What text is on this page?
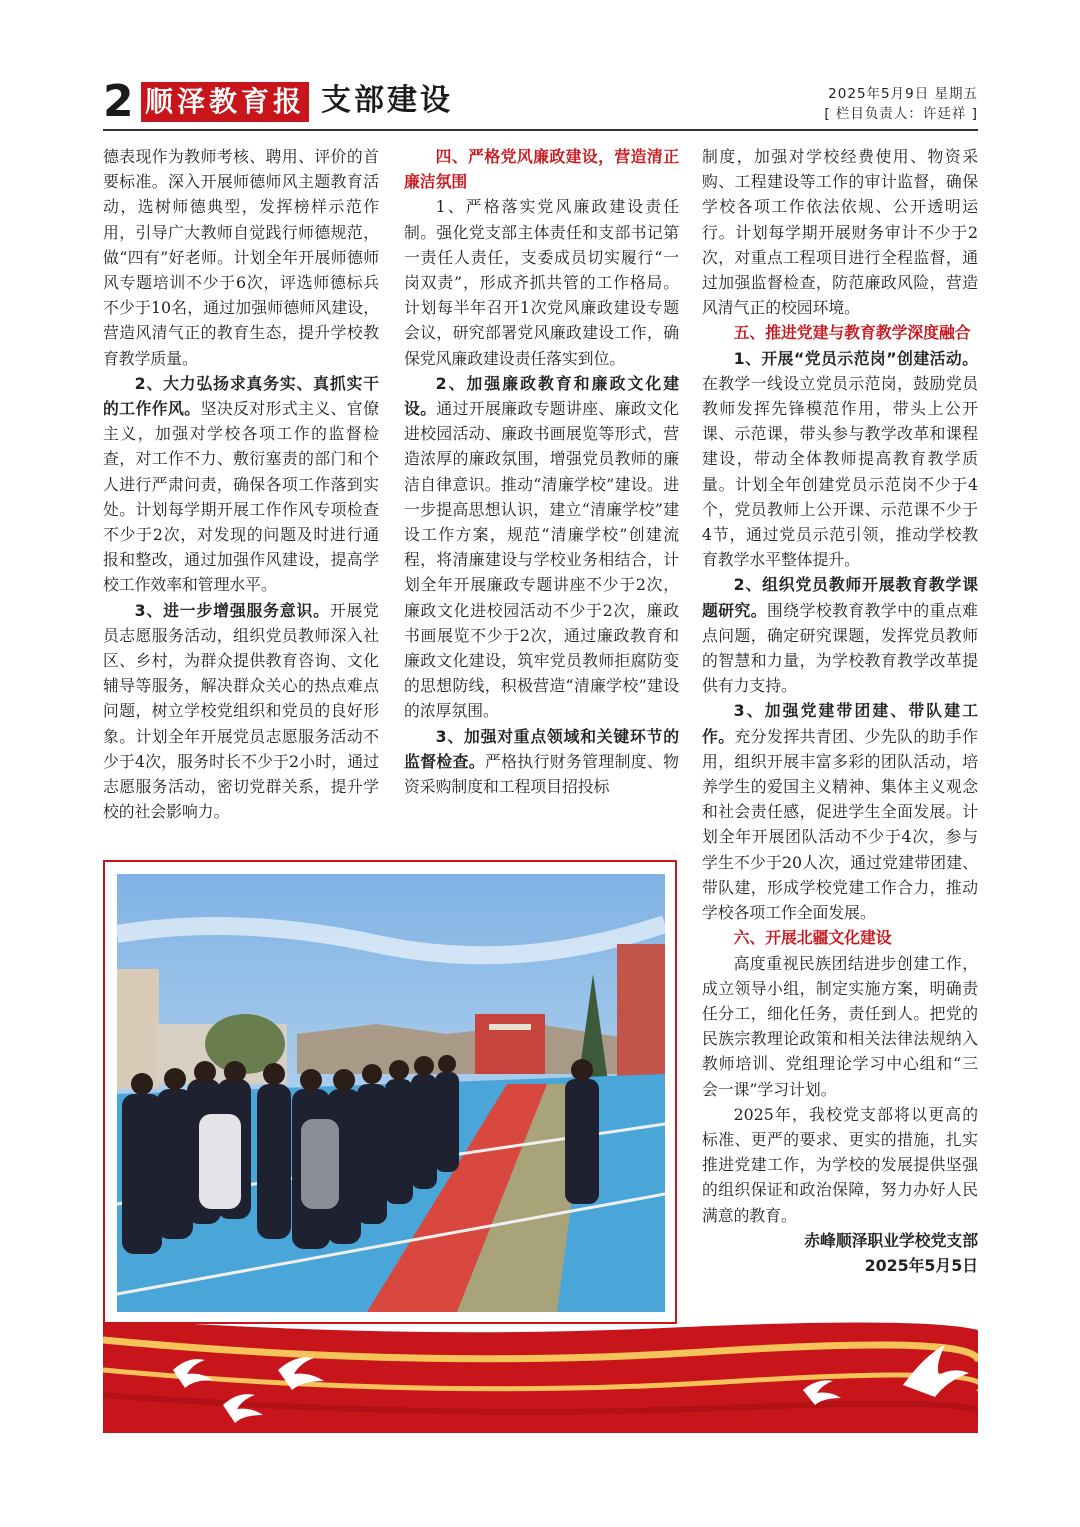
2 顺泽教育报 支部建设	2025年5月9日 星期五
[ 栏目负责人：许廷祥 ]

德表现作为教师考核、聘用、评价的首要标准。深入开展师德师风主题教育活动，选树师德典型，发挥榜样示范作用，引导广大教师自觉践行师德规范，做“四有”好老师。计划全年开展师德师风专题培训不少于6次，评选师德标兵不少于10名，通过加强师德师风建设，营造风清气正的教育生态，提升学校教育教学质量。

2、大力弘扬求真务实、真抓实干的工作作风。坚决反对形式主义、官僚主义，加强对学校各项工作的监督检查，对工作不力、敷衍塞责的部门和个人进行严肃问责，确保各项工作落到实处。计划每学期开展工作作风专项检查不少于2次，对发现的问题及时进行通报和整改，通过加强作风建设，提高学校工作效率和管理水平。

3、进一步增强服务意识。开展党员志愿服务活动，组织党员教师深入社区、乡村，为群众提供教育咨询、文化辅导等服务，解决群众关心的热点难点问题，树立学校党组织和党员的良好形象。计划全年开展党员志愿服务活动不少于4次，服务时长不少于2小时，通过志愿服务活动，密切党群关系，提升学校的社会影响力。

四、严格党风廉政建设，营造清正廉洁氛围

1、严格落实党风廉政建设责任制。强化党支部主体责任和支部书记第一责任人责任，支委成员切实履行“一岗双责”，形成齐抓共管的工作格局。计划每半年召开1次党风廉政建设专题会议，研究部署党风廉政建设工作，确保党风廉政建设责任落实到位。

2、加强廉政教育和廉政文化建设。通过开展廉政专题讲座、廉政文化进校园活动、廉政书画展览等形式，营造浓厚的廉政氛围，增强党员教师的廉洁自律意识。推动“清廉学校”建设。进一步提高思想认识，建立“清廉学校”建设工作方案，规范“清廉学校”创建流程，将清廉建设与学校业务相结合，计划全年开展廉政专题讲座不少于2次，廉政文化进校园活动不少于2次，廉政书画展览不少于2次，通过廉政教育和廉政文化建设，筑牢党员教师拒腐防变的思想防线，积极营造“清廉学校”建设的浓厚氛围。

3、加强对重点领域和关键环节的监督检查。严格执行财务管理制度、物资采购制度和工程项目招投标

制度，加强对学校经费使用、物资采购、工程建设等工作的审计监督，确保学校各项工作依法依规、公开透明运行。计划每学期开展财务审计不少于2次，对重点工程项目进行全程监督，通过加强监督检查，防范廉政风险，营造风清气正的校园环境。

五、推进党建与教育教学深度融合

1、开展“党员示范岗”创建活动。在教学一线设立党员示范岗，鼓励党员教师发挥先锋模范作用，带头上公开课、示范课，带头参与教学改革和课程建设，带动全体教师提高教育教学质量。计划全年创建党员示范岗不少于4个，党员教师上公开课、示范课不少于4节，通过党员示范引领，推动学校教育教学水平整体提升。

2、组织党员教师开展教育教学课题研究。围绕学校教育教学中的重点难点问题，确定研究课题，发挥党员教师的智慧和力量，为学校教育教学改革提供有力支持。

3、加强党建带团建、带队建工作。充分发挥共青团、少先队的助手作用，组织开展丰富多彩的团队活动，培养学生的爱国主义精神、集体主义观念和社会责任感，促进学生全面发展。计划全年开展团队活动不少于4次，参与学生不少于20人次，通过党建带团建、带队建，形成学校党建工作合力，推动学校各项工作全面发展。

六、开展北疆文化建设

高度重视民族团结进步创建工作，成立领导小组，制定实施方案，明确责任分工，细化任务，责任到人。把党的民族宗教理论政策和相关法律法规纳入教师培训、党组理论学习中心组和“三会一课”学习计划。

2025年，我校党支部将以更高的标准、更严的要求、更实的措施，扎实推进党建工作，为学校的发展提供坚强的组织保证和政治保障，努力办好人民满意的教育。

赤峰顺泽职业学校党支部

2025年5月5日
